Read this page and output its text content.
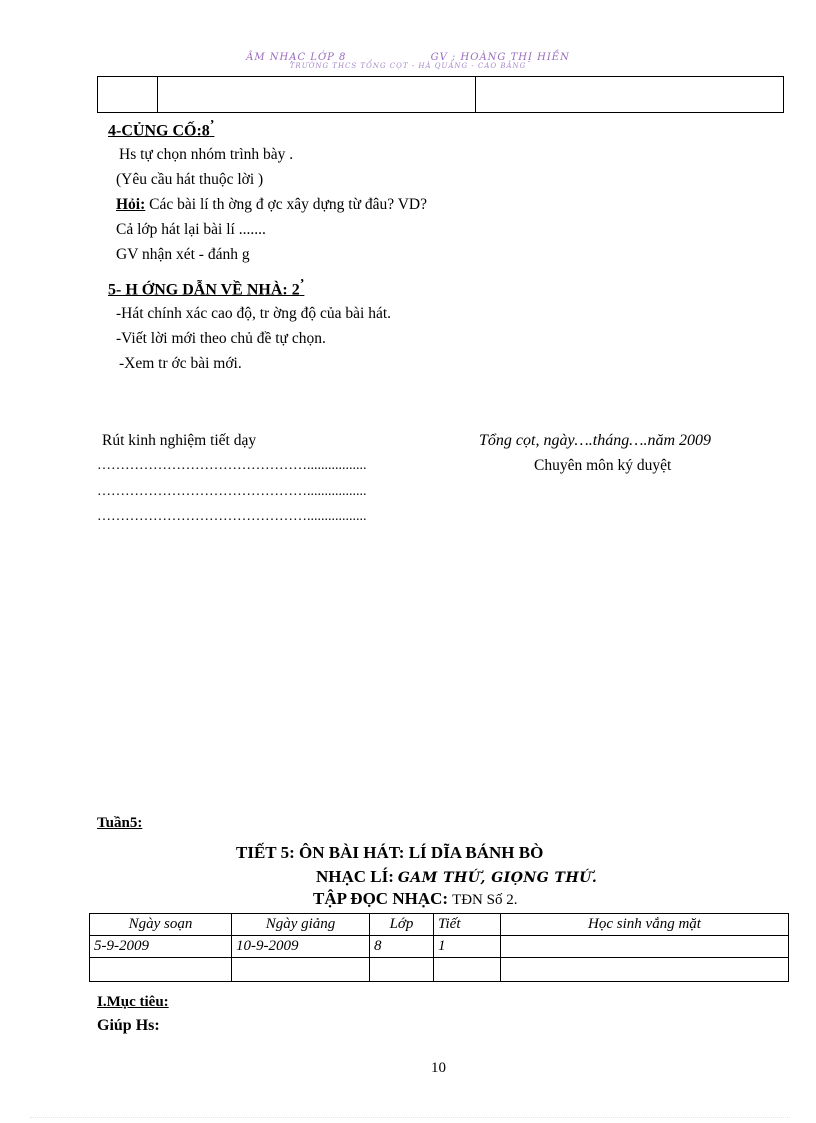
ÂM NHẠC LỚP 8	GV : HOÀNG THỊ HIỀN
TRƯỜNG THCS TỔNG CỌT - HÀ QUẢNG - CAO BẰNG

4-CỦNG CỐ:8’
Hs tự chọn nhóm trình bày .
(Yêu cầu hát thuộc lời )
Hỏi: Các bài lí th ờng đ ợc xây dựng từ đâu? VD?
Cả lớp hát lại bài lí .......
GV nhận xét - đánh g
5- H ỚNG DẪN VỀ NHÀ: 2’
-Hát chính xác cao độ, tr ờng độ của bài hát.
-Viết lời mới theo chủ đề tự chọn.
-Xem tr ớc bài mới.
Rút kinh nghiệm tiết dạy
……………………………………….................
……………………………………….................
……………………………………….................
Tổng cọt, ngày….tháng….năm 2009
Chuyên môn ký duyệt
Tuần5:
TIẾT 5: ÔN BÀI HÁT: LÍ DĨA BÁNH BÒ
NHẠC LÍ: GAM THỨ, GIỌNG THỨ.
TẬP ĐỌC NHẠC: TĐN Số 2.
Ngày soạn	Ngày giảng	Lớp	Tiết	Học sinh vắng mặt
5-9-2009	10-9-2009	8	1	

I.Mục tiêu:
Giúp Hs:
10
